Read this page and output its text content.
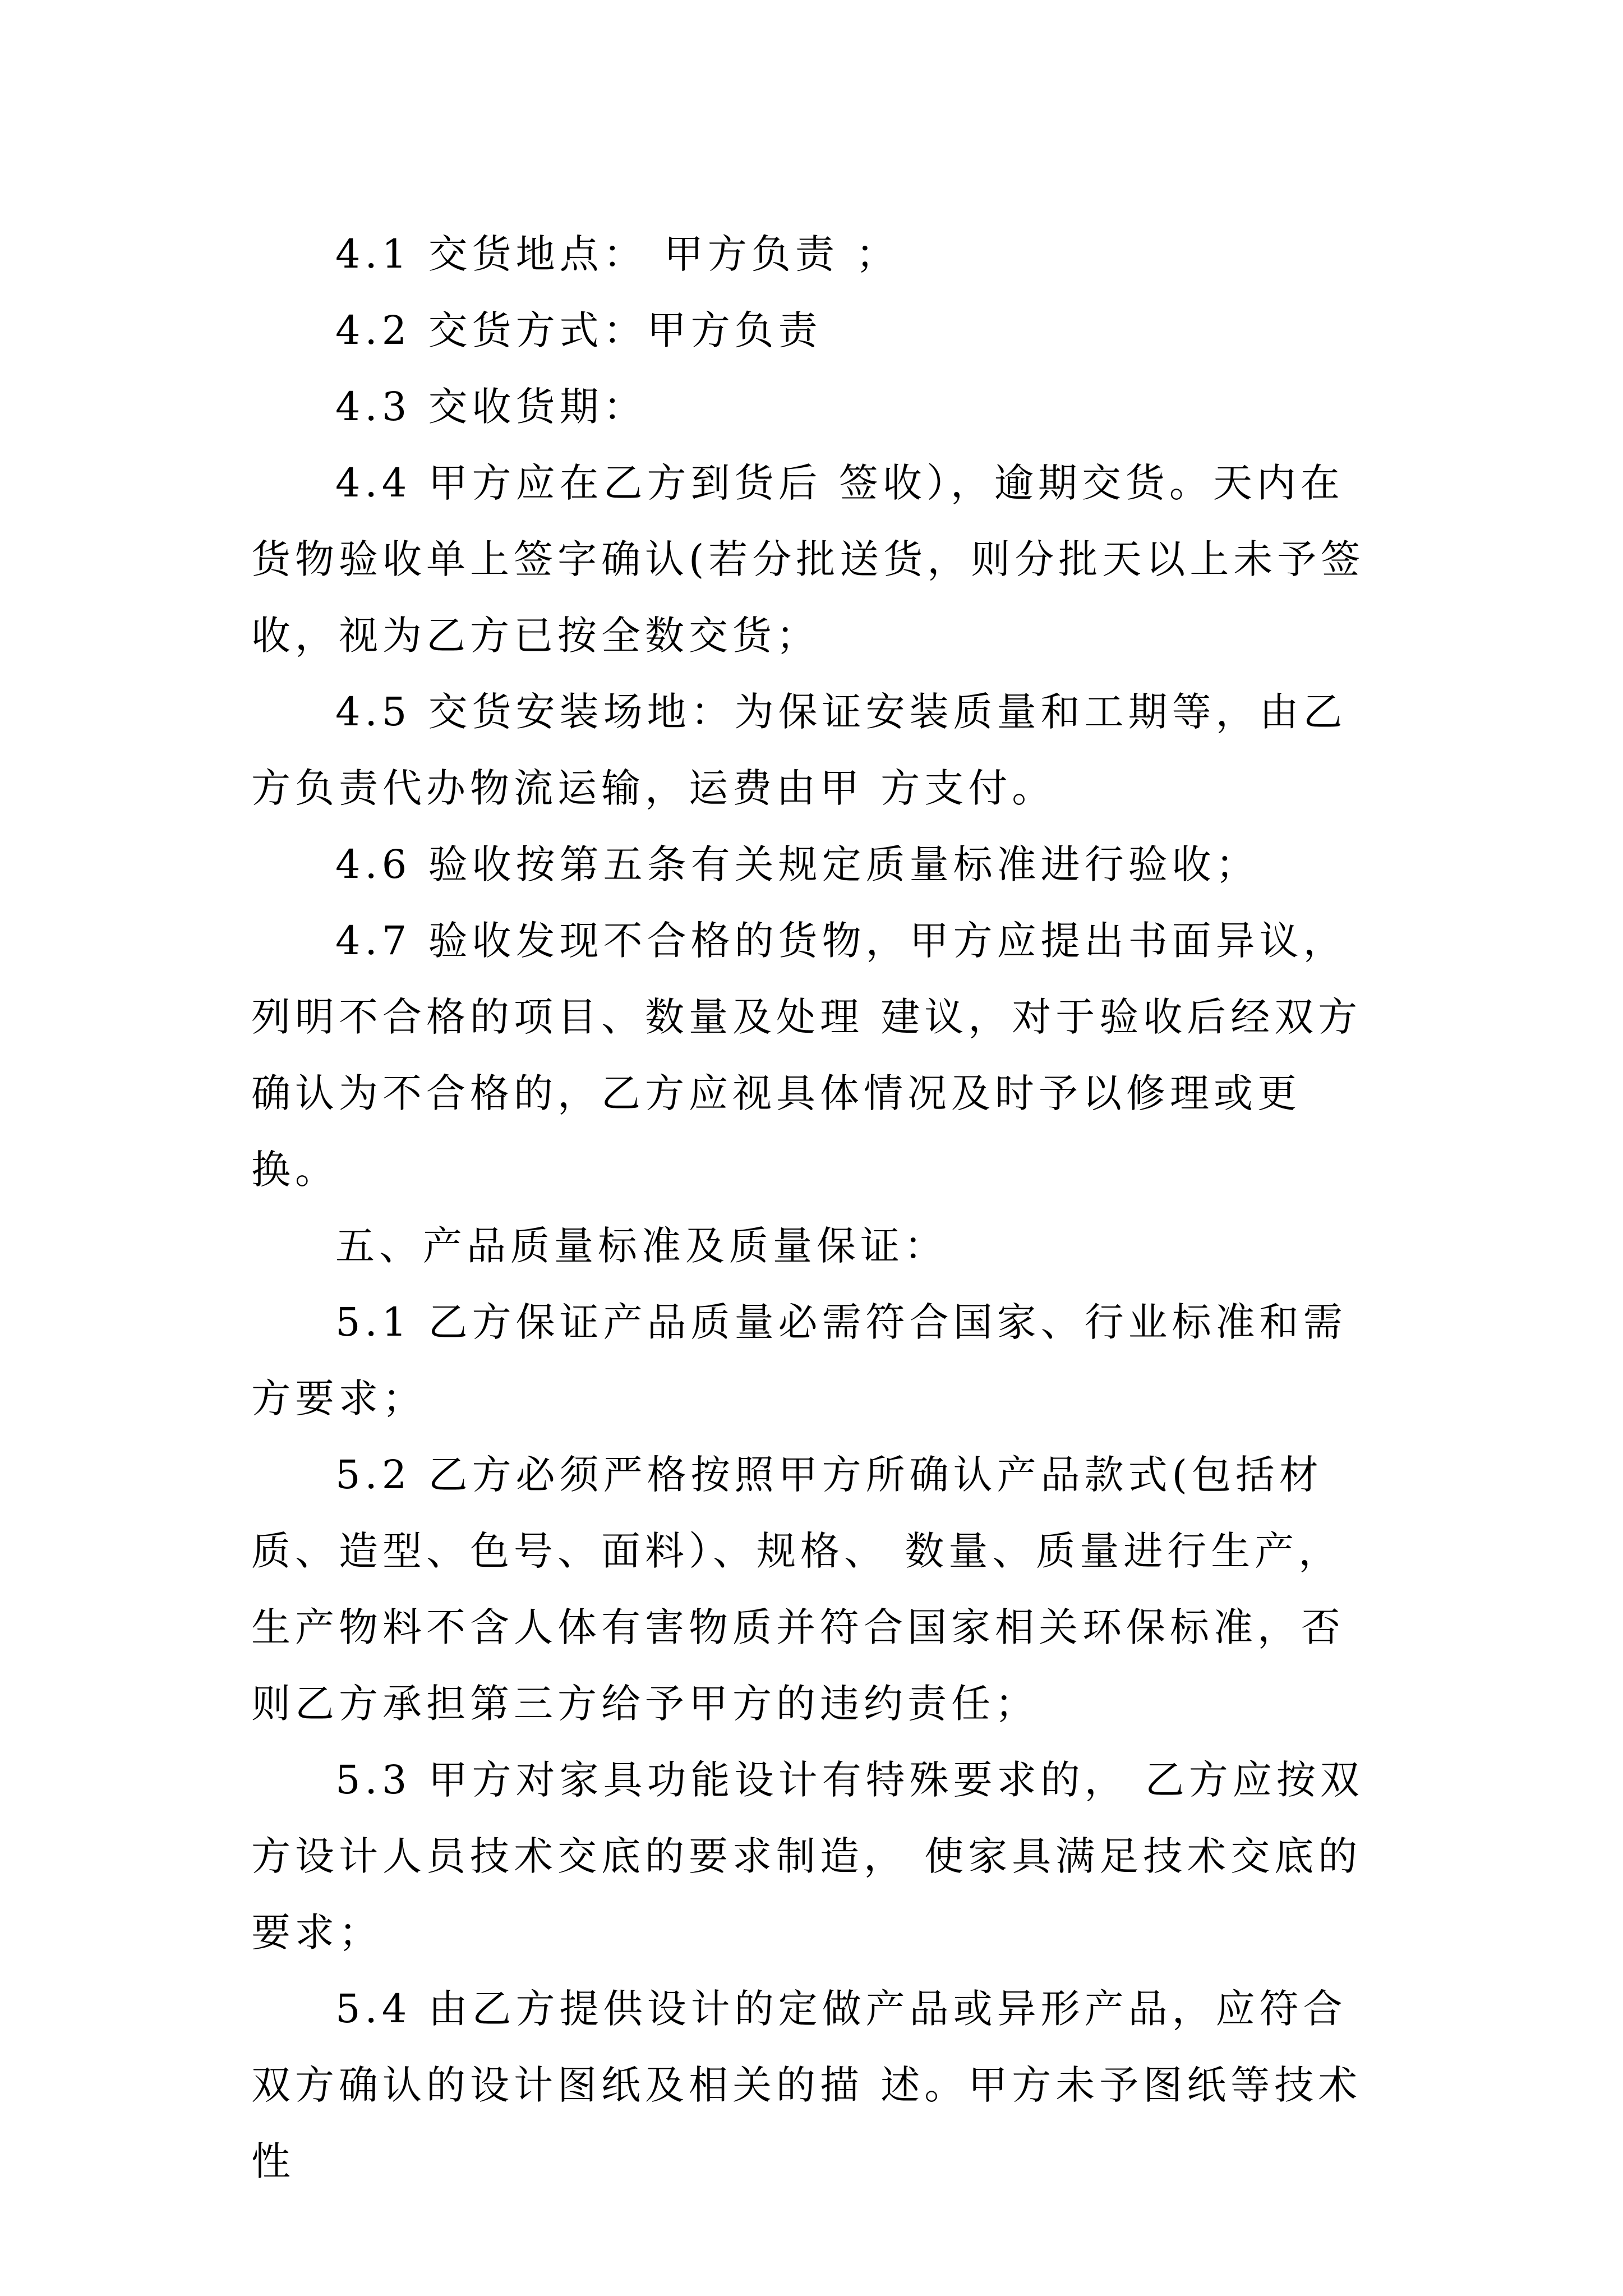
4.1 交货地点： 甲方负责 ；

4.2 交货方式：甲方负责

4.3 交收货期：

4.4 甲方应在乙方到货后 签收），逾期交货。天内在货物验收单上签字确认(若分批送货，则分批天以上未予签收，视为乙方已按全数交货；

4.5 交货安装场地：为保证安装质量和工期等，由乙方负责代办物流运输，运费由甲 方支付。

4.6 验收按第五条有关规定质量标准进行验收；

4.7 验收发现不合格的货物，甲方应提出书面异议，列明不合格的项目、数量及处理 建议，对于验收后经双方确认为不合格的，乙方应视具体情况及时予以修理或更换。

五、产品质量标准及质量保证：

5.1 乙方保证产品质量必需符合国家、行业标准和需方要求；

5.2 乙方必须严格按照甲方所确认产品款式(包括材质、造型、色号、面料）、规格、 数量、质量进行生产，生产物料不含人体有害物质并符合国家相关环保标准，否则乙方承担第三方给予甲方的违约责任；

5.3 甲方对家具功能设计有特殊要求的， 乙方应按双方设计人员技术交底的要求制造， 使家具满足技术交底的要求；

5.4 由乙方提供设计的定做产品或异形产品，应符合双方确认的设计图纸及相关的描 述。甲方未予图纸等技术性
